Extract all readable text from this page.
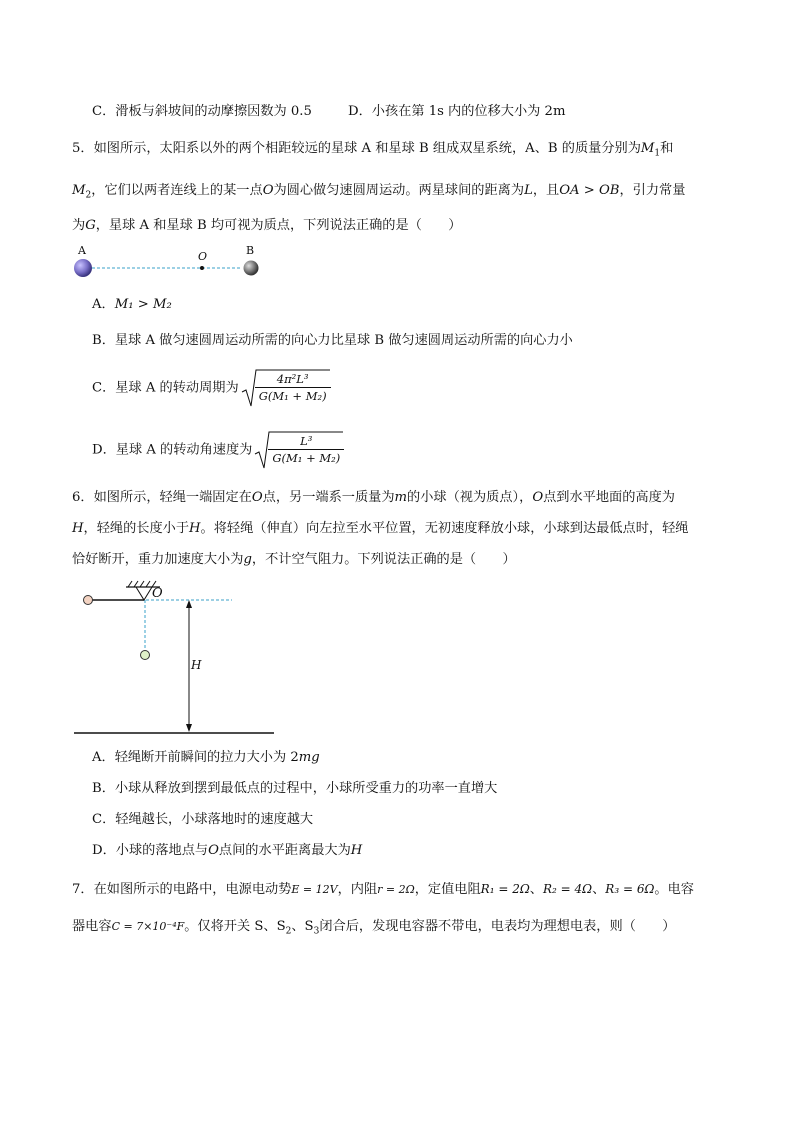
C．滑板与斜坡间的动摩擦因数为 0.5	D．小孩在第 1s 内的位移大小为 2m
5．如图所示，太阳系以外的两个相距较远的星球 A 和星球 B 组成双星系统，A、B 的质量分别为$M_1$和
$M_2$，它们以两者连线上的某一点O为圆心做匀速圆周运动。两星球间的距离为L，且OA > OB，引力常量
为G，星球 A 和星球 B 均可视为质点，下列说法正确的是（　　）
A	O	B
A．M₁ > M₂
B．星球 A 做匀速圆周运动所需的向心力比星球 B 做匀速圆周运动所需的向心力小
C．星球 A 的转动周期为 $\frac{\text{4π²L³}}{\text{G(M₁ + M₂)}}$
D．星球 A 的转动角速度为 $\frac{\text{L³}}{\text{G(M₁ + M₂)}}$
6．如图所示，轻绳一端固定在O点，另一端系一质量为m的小球（视为质点），O点到水平地面的高度为
H，轻绳的长度小于H。将轻绳（伸直）向左拉至水平位置，无初速度释放小球，小球到达最低点时，轻绳
恰好断开，重力加速度大小为g，不计空气阻力。下列说法正确的是（　　）
O
H
A．轻绳断开前瞬间的拉力大小为 2mg
B．小球从释放到摆到最低点的过程中，小球所受重力的功率一直增大
C．轻绳越长，小球落地时的速度越大
D．小球的落地点与O点间的水平距离最大为H
7．在如图所示的电路中，电源电动势E = 12V，内阻r = 2Ω，定值电阻R₁ = 2Ω、R₂ = 4Ω、R₃ = 6Ω。电容
器电容C = 7×10⁻⁴F。仅将开关 S、$S_2$、$S_3$闭合后，发现电容器不带电，电表均为理想电表，则（　　）
